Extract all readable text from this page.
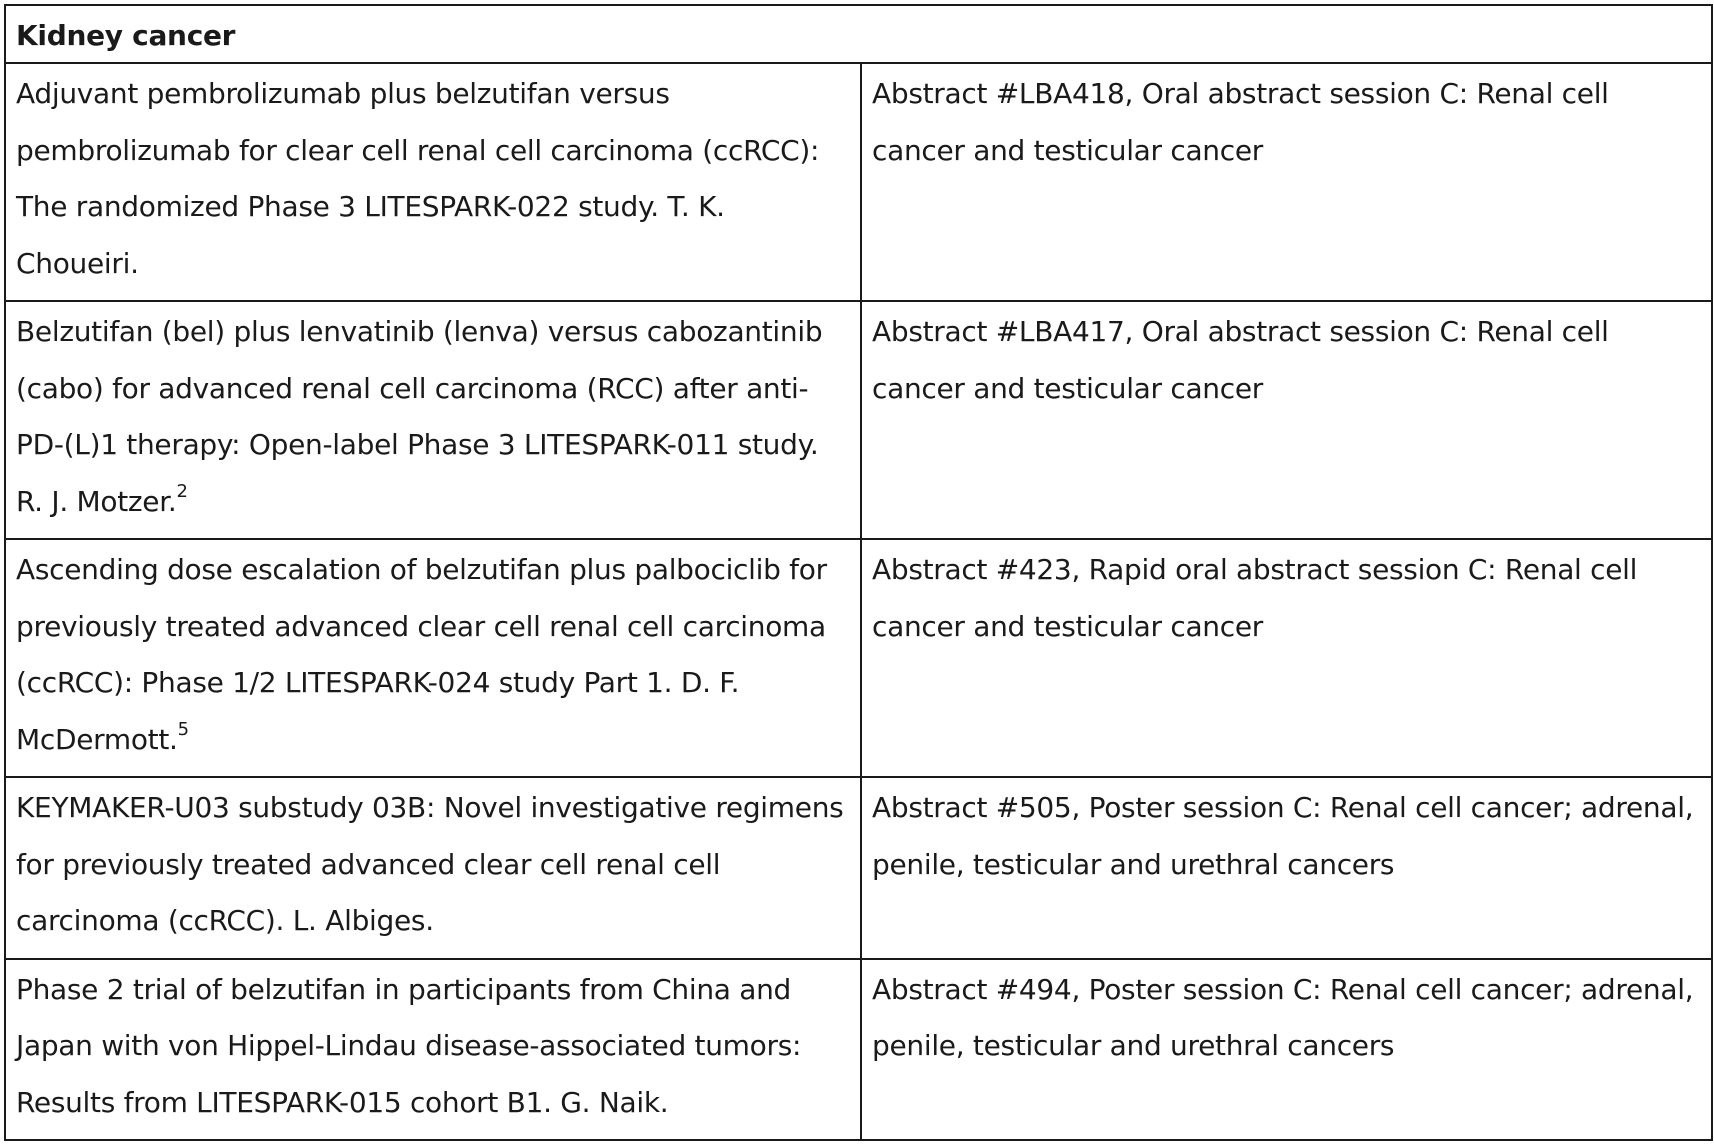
Kidney cancer	

Adjuvant pembrolizumab plus belzutifan versus pembrolizumab for clear cell renal cell carcinoma (ccRCC): The randomized Phase 3 LITESPARK-022 study. T. K. Choueiri.	Abstract #LBA418, Oral abstract session C: Renal cell cancer and testicular cancer

Belzutifan (bel) plus lenvatinib (lenva) versus cabozantinib (cabo) for advanced renal cell carcinoma (RCC) after anti-PD-(L)1 therapy: Open-label Phase 3 LITESPARK-011 study. R. J. Motzer.$^2$	Abstract #LBA417, Oral abstract session C: Renal cell cancer and testicular cancer

Ascending dose escalation of belzutifan plus palbociclib for previously treated advanced clear cell renal cell carcinoma (ccRCC): Phase 1/2 LITESPARK-024 study Part 1. D. F. McDermott.$^5$	Abstract #423, Rapid oral abstract session C: Renal cell cancer and testicular cancer

KEYMAKER-U03 substudy 03B: Novel investigative regimens for previously treated advanced clear cell renal cell carcinoma (ccRCC). L. Albiges.	Abstract #505, Poster session C: Renal cell cancer; adrenal, penile, testicular and urethral cancers

Phase 2 trial of belzutifan in participants from China and Japan with von Hippel-Lindau disease-associated tumors: Results from LITESPARK-015 cohort B1. G. Naik.	Abstract #494, Poster session C: Renal cell cancer; adrenal, penile, testicular and urethral cancers
